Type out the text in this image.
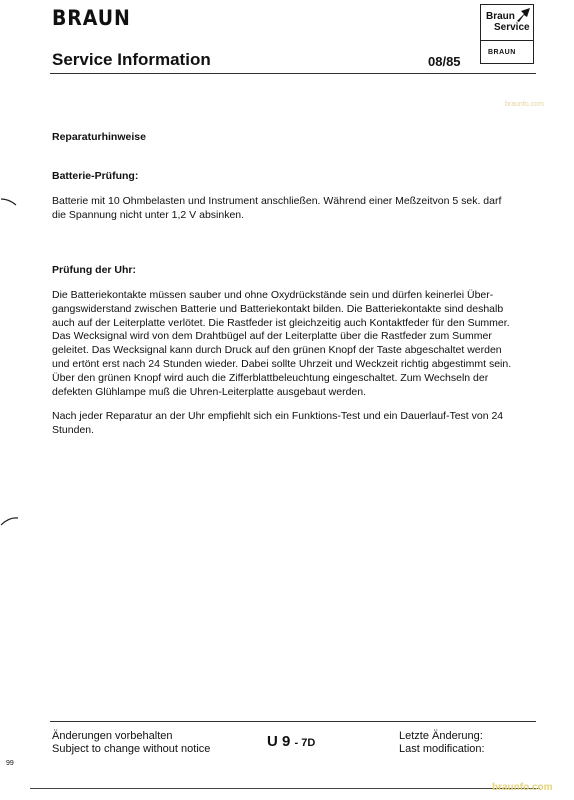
BRAUN
Service Information	08/85
Braun
Service
BRAUN
braunfo.com
Reparaturhinweise
Batterie-Prüfung:
Batterie mit 10 Ohmbelasten und Instrument anschließen. Während einer Meßzeitvon 5 sek. darf
die Spannung nicht unter 1,2 V absinken.
Prüfung der Uhr:
Die Batteriekontakte müssen sauber und ohne Oxydrückstände sein und dürfen keinerlei Über-
gangswiderstand zwischen Batterie und Batteriekontakt bilden. Die Batteriekontakte sind deshalb
auch auf der Leiterplatte verlötet. Die Rastfeder ist gleichzeitig auch Kontaktfeder für den Summer.
Das Wecksignal wird von dem Drahtbügel auf der Leiterplatte über die Rastfeder zum Summer
geleitet. Das Wecksignal kann durch Druck auf den grünen Knopf der Taste abgeschaltet werden
und ertönt erst nach 24 Stunden wieder. Dabei sollte Uhrzeit und Weckzeit richtig abgestimmt sein.
Über den grünen Knopf wird auch die Zifferblattbeleuchtung eingeschaltet. Zum Wechseln der
defekten Glühlampe muß die Uhren-Leiterplatte ausgebaut werden.
Nach jeder Reparatur an der Uhr empfiehlt sich ein Funktions-Test und ein Dauerlauf-Test von 24
Stunden.
Änderungen vorbehalten
Subject to change without notice	U 9 - 7D
Letzte Änderung:
Last modification:
99
braunfo.com
